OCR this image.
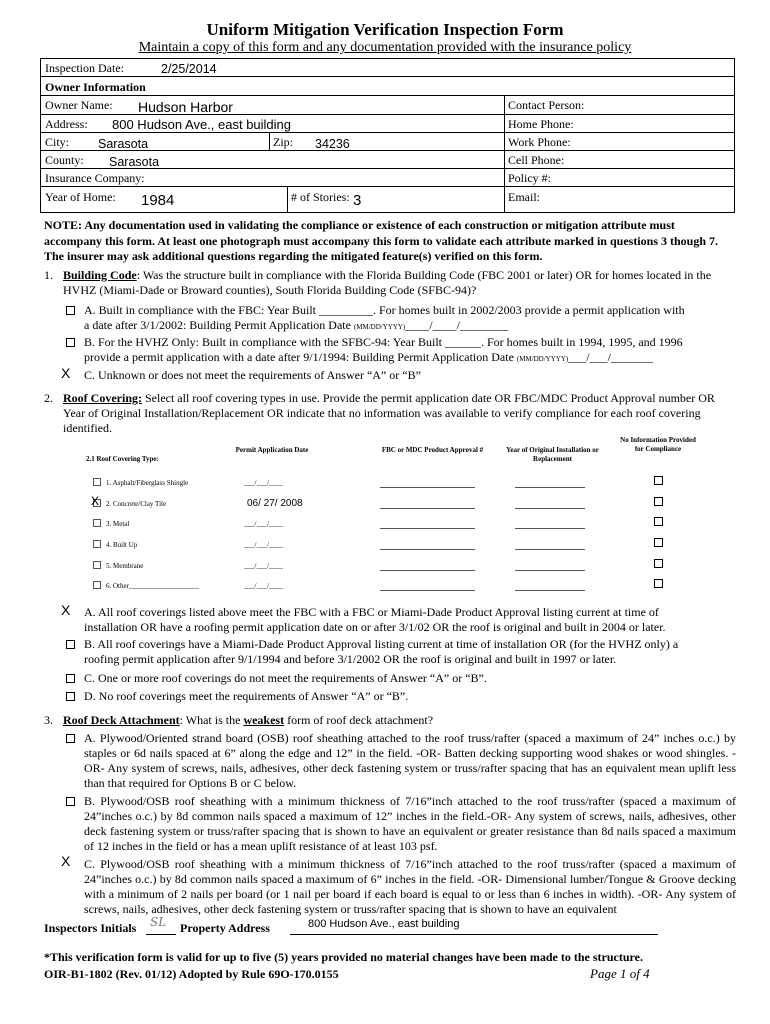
Uniform Mitigation Verification Inspection Form
Maintain a copy of this form and any documentation provided with the insurance policy
Inspection Date:	2/25/2014
Owner Information
Owner Name: Hudson Harbor	Contact Person:
Address: 800 Hudson Ave., east building	Home Phone:
City: Sarasota	Zip: 34236	Work Phone:
County: Sarasota	Cell Phone:
Insurance Company:	Policy #:
Year of Home: 1984	# of Stories: 3	Email:
NOTE: Any documentation used in validating the compliance or existence of each construction or mitigation attribute must accompany this form. At least one photograph must accompany this form to validate each attribute marked in questions 3 though 7. The insurer may ask additional questions regarding the mitigated feature(s) verified on this form.
1. Building Code: Was the structure built in compliance with the Florida Building Code (FBC 2001 or later) OR for homes located in the HVHZ (Miami-Dade or Broward counties), South Florida Building Code (SFBC-94)?
A. Built in compliance with the FBC: Year Built _________. For homes built in 2002/2003 provide a permit application with
a date after 3/1/2002: Building Permit Application Date (MM/DD/YYYY)____/____/________
B. For the HVHZ Only: Built in compliance with the SFBC-94: Year Built ______. For homes built in 1994, 1995, and 1996
provide a permit application with a date after 9/1/1994: Building Permit Application Date (MM/DD/YYYY)___/___/_______
X C. Unknown or does not meet the requirements of Answer “A” or “B”
2. Roof Covering: Select all roof covering types in use. Provide the permit application date OR FBC/MDC Product Approval number OR Year of Original Installation/Replacement OR indicate that no information was available to verify compliance for each roof covering identified.
2.1 Roof Covering Type:
Permit Application Date	FBC or MDC Product Approval #	Year of Original Installation or Replacement
No Information Provided for Compliance
1. Asphalt/Fiberglass Shingle	___/___/____
X 2. Concrete/Clay Tile	06/ 27/ 2008
3. Metal	___/___/____
4. Built Up	___/___/____
5. Membrane	___/___/____
6. Other____________________	___/___/____
X A. All roof coverings listed above meet the FBC with a FBC or Miami-Dade Product Approval listing current at time of
installation OR have a roofing permit application date on or after 3/1/02 OR the roof is original and built in 2004 or later.
B. All roof coverings have a Miami-Dade Product Approval listing current at time of installation OR (for the HVHZ only) a
roofing permit application after 9/1/1994 and before 3/1/2002 OR the roof is original and built in 1997 or later.
C. One or more roof coverings do not meet the requirements of Answer “A” or “B”.
D. No roof coverings meet the requirements of Answer “A” or “B”.
3. Roof Deck Attachment: What is the weakest form of roof deck attachment?
A. Plywood/Oriented strand board (OSB) roof sheathing attached to the roof truss/rafter (spaced a maximum of 24” inches o.c.) by staples or 6d nails spaced at 6” along the edge and 12” in the field. -OR- Batten decking supporting wood shakes or wood shingles. -OR- Any system of screws, nails, adhesives, other deck fastening system or truss/rafter spacing that has an equivalent mean uplift less than that required for Options B or C below.
B. Plywood/OSB roof sheathing with a minimum thickness of 7/16”inch attached to the roof truss/rafter (spaced a maximum of 24”inches o.c.) by 8d common nails spaced a maximum of 12” inches in the field.-OR- Any system of screws, nails, adhesives, other deck fastening system or truss/rafter spacing that is shown to have an equivalent or greater resistance than 8d nails spaced a maximum of 12 inches in the field or has a mean uplift resistance of at least 103 psf.
X C. Plywood/OSB roof sheathing with a minimum thickness of 7/16”inch attached to the roof truss/rafter (spaced a maximum of 24”inches o.c.) by 8d common nails spaced a maximum of 6” inches in the field. -OR- Dimensional lumber/Tongue & Groove decking with a minimum of 2 nails per board (or 1 nail per board if each board is equal to or less than 6 inches in width). -OR- Any system of screws, nails, adhesives, other deck fastening system or truss/rafter spacing that is shown to have an equivalent
Inspectors Initials SL Property Address	800 Hudson Ave., east building
*This verification form is valid for up to five (5) years provided no material changes have been made to the structure.
OIR-B1-1802 (Rev. 01/12) Adopted by Rule 69O-170.0155	Page 1 of 4
